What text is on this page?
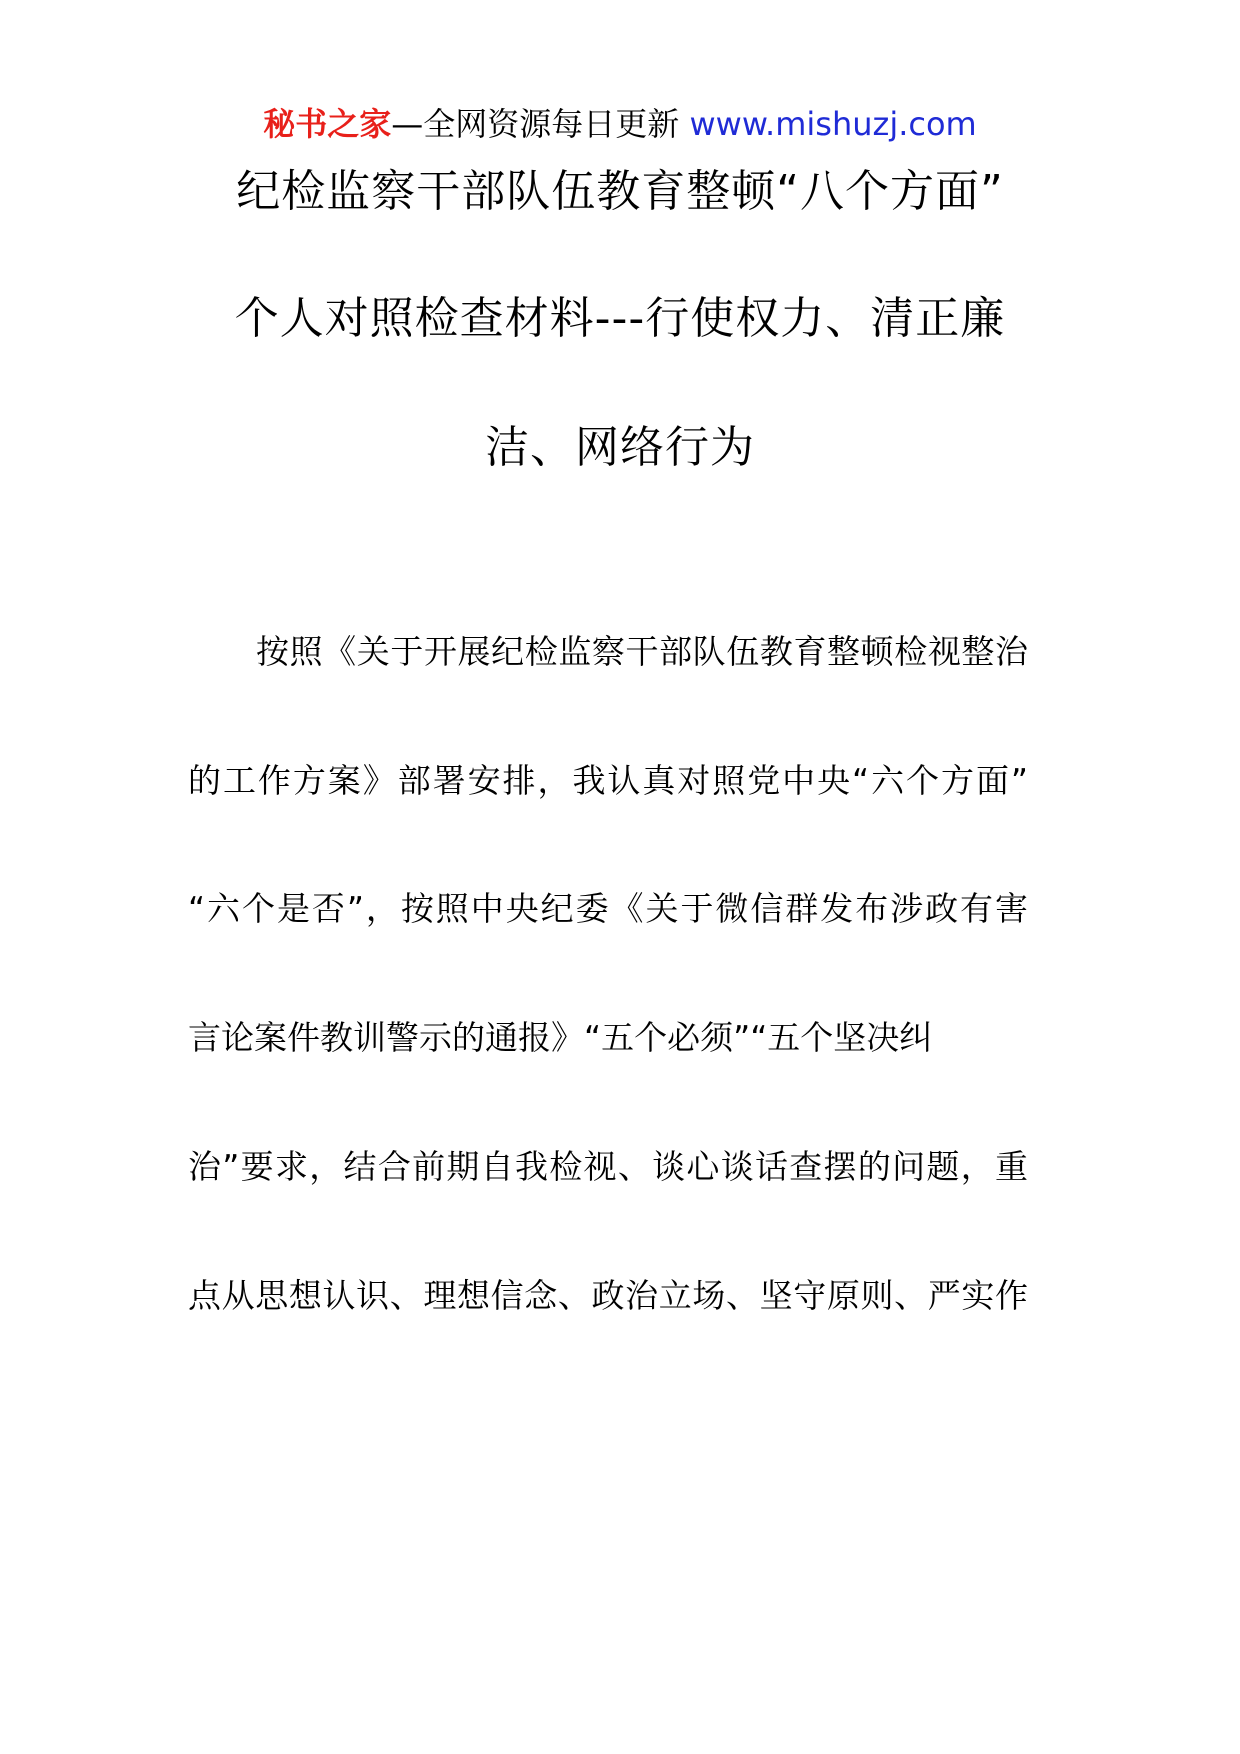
秘书之家—全网资源每日更新 www.mishuzj.com
纪检监察干部队伍教育整顿“八个方面”
个人对照检查材料---行使权力、清正廉
洁、网络行为
按照《关于开展纪检监察干部队伍教育整顿检视整治
的工作方案》部署安排，我认真对照党中央“六个方面”
“六个是否”，按照中央纪委《关于微信群发布涉政有害
言论案件教训警示的通报》“五个必须”“五个坚决纠
治”要求，结合前期自我检视、谈心谈话查摆的问题，重
点从思想认识、理想信念、政治立场、坚守原则、严实作
